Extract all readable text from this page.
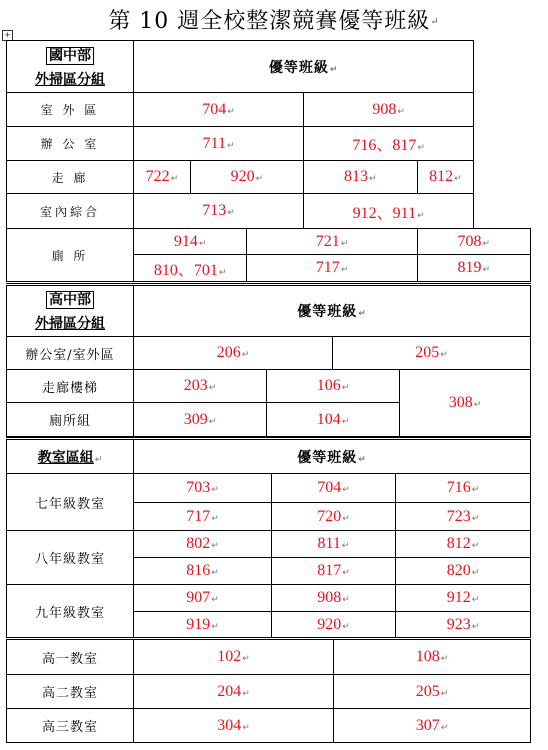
第 10 週全校整潔競賽優等班級↵
+
國中部
外掃區分組	優等班級↵				
室 外 區	704↵			908↵	
辦 公 室	711↵			716、817↵	
走 廊	722↵	920↵		813↵	812↵
室內綜合	713↵			912、911↵	
廁 所	914↵		721↵		708↵
	810、701↵		717↵		819↵
高中部
外掃區分組	優等班級↵			
辦公室/室外區	206↵		205↵	
走廊樓梯	203↵	106↵		308↵
廁所組	309↵	104↵		
教室區組↵	優等班級↵			
七年級教室	703↵	704↵		716↵
	717↵	720↵		723↵
八年級教室	802↵	811↵		812↵
	816↵	817↵		820↵
九年級教室	907↵	908↵		912↵
	919↵	920↵		923↵
高一教室	102↵		108↵	
高二教室	204↵		205↵	
高三教室	304↵		307↵	
